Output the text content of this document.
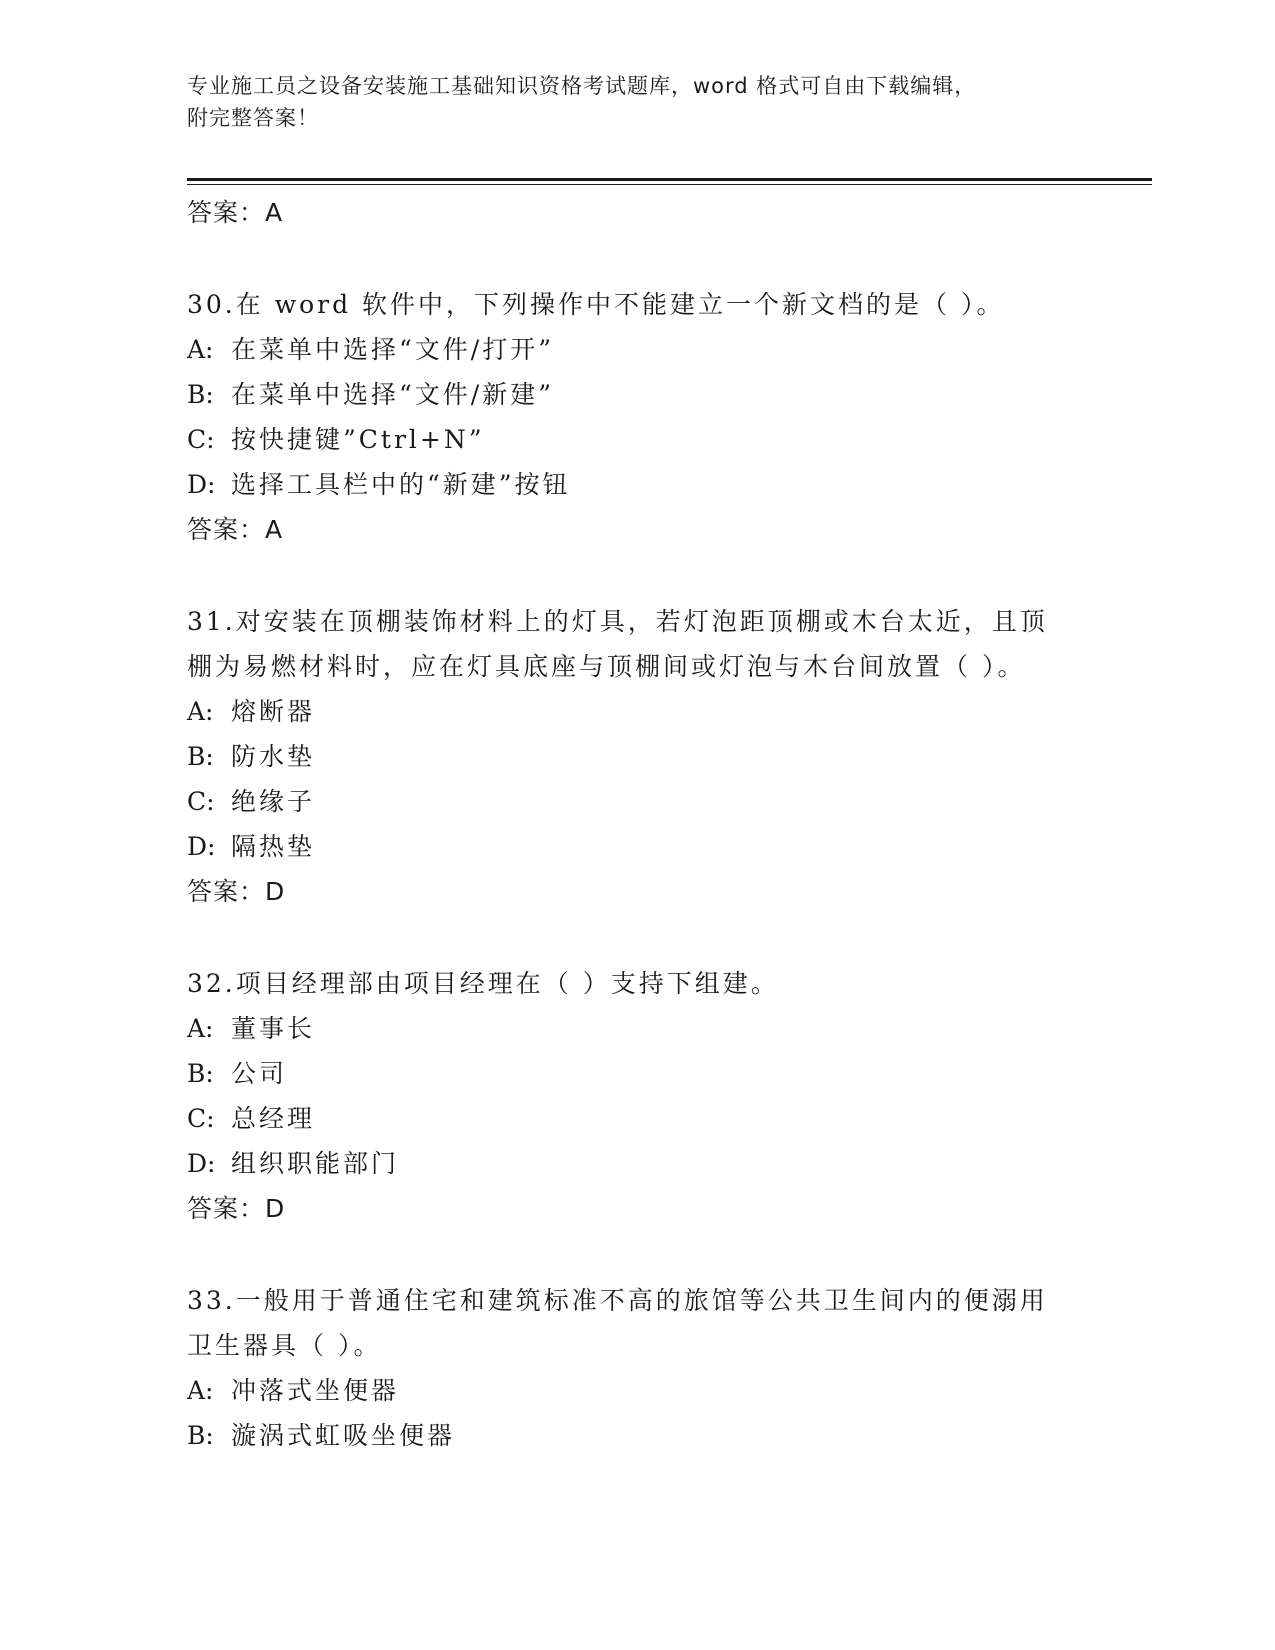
专业施工员之设备安装施工基础知识资格考试题库，word 格式可自由下载编辑，
附完整答案！
答案：A
30.在 word 软件中，下列操作中不能建立一个新文档的是（ ）。
A: 在菜单中选择“文件/打开”
B: 在菜单中选择“文件/新建”
C: 按快捷键”Ctrl+N”
D: 选择工具栏中的“新建”按钮
答案：A
31.对安装在顶棚装饰材料上的灯具，若灯泡距顶棚或木台太近，且顶棚为易燃材料时，应在灯具底座与顶棚间或灯泡与木台间放置（ ）。
A: 熔断器
B: 防水垫
C: 绝缘子
D: 隔热垫
答案：D
32.项目经理部由项目经理在（ ）支持下组建。
A: 董事长
B: 公司
C: 总经理
D: 组织职能部门
答案：D
33.一般用于普通住宅和建筑标准不高的旅馆等公共卫生间内的便溺用卫生器具（ ）。
A: 冲落式坐便器
B: 漩涡式虹吸坐便器
